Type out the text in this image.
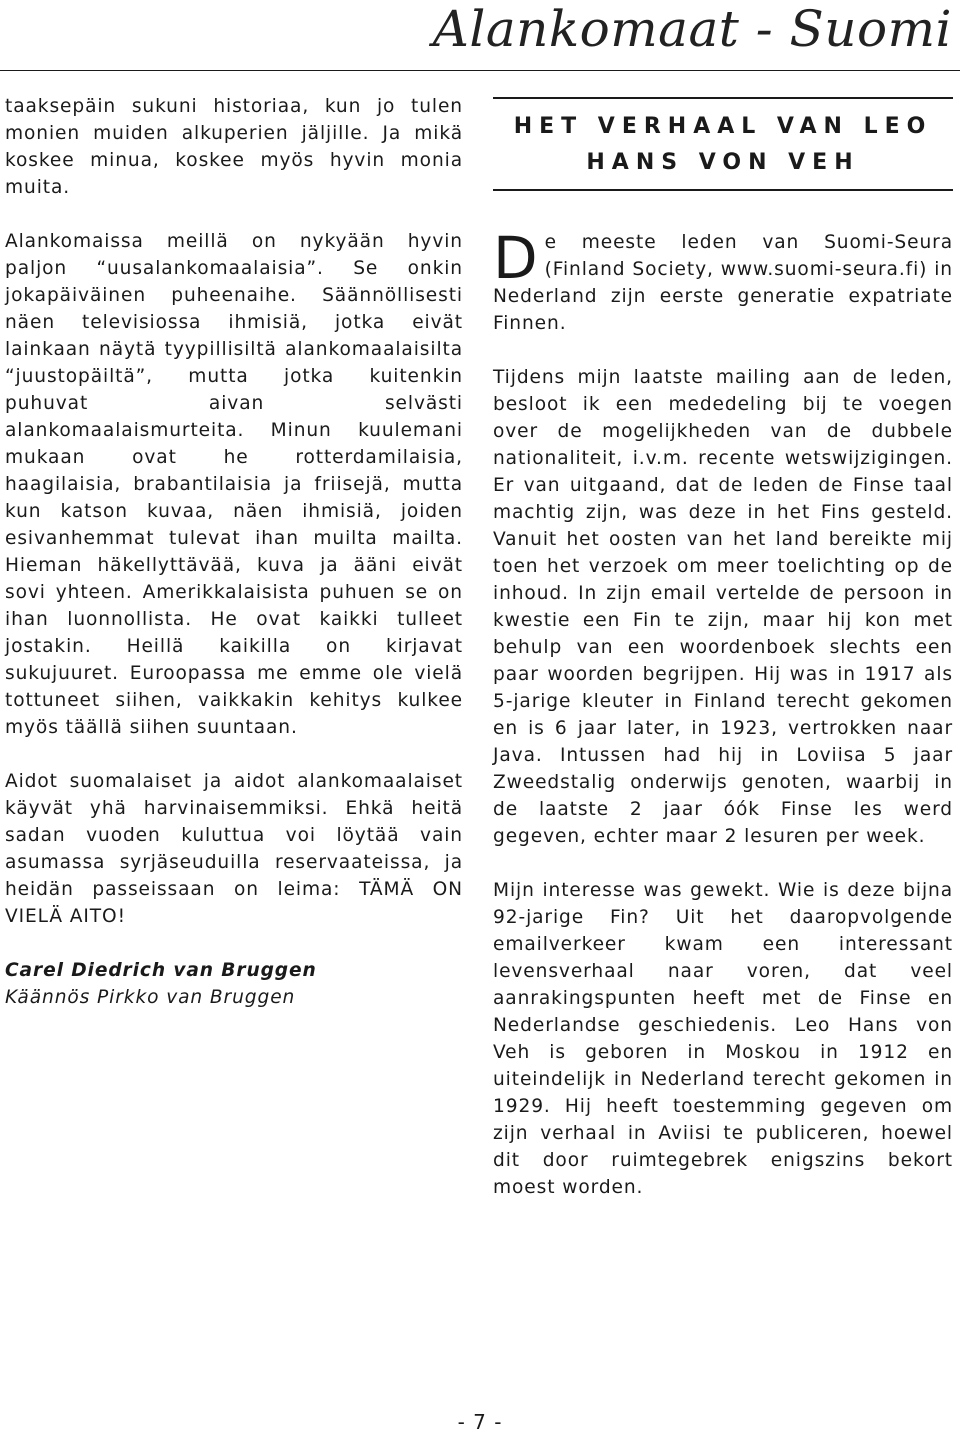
Alankomaat - Suomi

taaksepäin sukuni historiaa, kun jo tulen monien muiden alkuperien jäljille. Ja mikä koskee minua, koskee myös hyvin monia muita.

Alankomaissa meillä on nykyään hyvin paljon “uusalankomaalaisia”. Se onkin jokapäiväinen puheenaihe. Säännöllisesti näen televisiossa ihmisiä, jotka eivät lainkaan näytä tyypillisiltä alankomaalaisilta “juustopäiltä”, mutta jotka kuitenkin puhuvat aivan selvästi alankomaalaismurteita. Minun kuulemani mukaan ovat he rotterdamilaisia, haagilaisia, brabantilaisia ja friisejä, mutta kun katson kuvaa, näen ihmisiä, joiden esivanhemmat tulevat ihan muilta mailta. Hieman häkellyttävää, kuva ja ääni eivät sovi yhteen. Amerikkalaisista puhuen se on ihan luonnollista. He ovat kaikki tulleet jostakin. Heillä kaikilla on kirjavat sukujuuret. Euroopassa me emme ole vielä tottuneet siihen, vaikkakin kehitys kulkee myös täällä siihen suuntaan.

Aidot suomalaiset ja aidot alankomaalaiset käyvät yhä harvinaisemmiksi. Ehkä heitä sadan vuoden kuluttua voi löytää vain asumassa syrjäseuduilla reservaateissa, ja heidän passeissaan on leima: TÄMÄ ON VIELÄ AITO!

Carel Diedrich van Bruggen
Käännös Pirkko van Bruggen
HET VERHAAL VAN LEO
HANS VON VEH

De meeste leden van Suomi-Seura (Finland Society, www.suomi-seura.fi) in Nederland zijn eerste generatie expatriate Finnen.

Tijdens mijn laatste mailing aan de leden, besloot ik een mededeling bij te voegen over de mogelijkheden van de dubbele nationaliteit, i.v.m. recente wetswijzigingen. Er van uitgaand, dat de leden de Finse taal machtig zijn, was deze in het Fins gesteld. Vanuit het oosten van het land bereikte mij toen het verzoek om meer toelichting op de inhoud. In zijn email vertelde de persoon in kwestie een Fin te zijn, maar hij kon met behulp van een woordenboek slechts een paar woorden begrijpen. Hij was in 1917 als 5-jarige kleuter in Finland terecht gekomen en is 6 jaar later, in 1923, vertrokken naar Java. Intussen had hij in Loviisa 5 jaar Zweedstalig onderwijs genoten, waarbij in de laatste 2 jaar óók Finse les werd gegeven, echter maar 2 lesuren per week.

Mijn interesse was gewekt. Wie is deze bijna 92-jarige Fin? Uit het daaropvolgende emailverkeer kwam een interessant levensverhaal naar voren, dat veel aanrakingspunten heeft met de Finse en Nederlandse geschiedenis. Leo Hans von Veh is geboren in Moskou in 1912 en uiteindelijk in Nederland terecht gekomen in 1929. Hij heeft toestemming gegeven om zijn verhaal in Aviisi te publiceren, hoewel dit door ruimtegebrek enigszins bekort moest worden.

- 7 -
